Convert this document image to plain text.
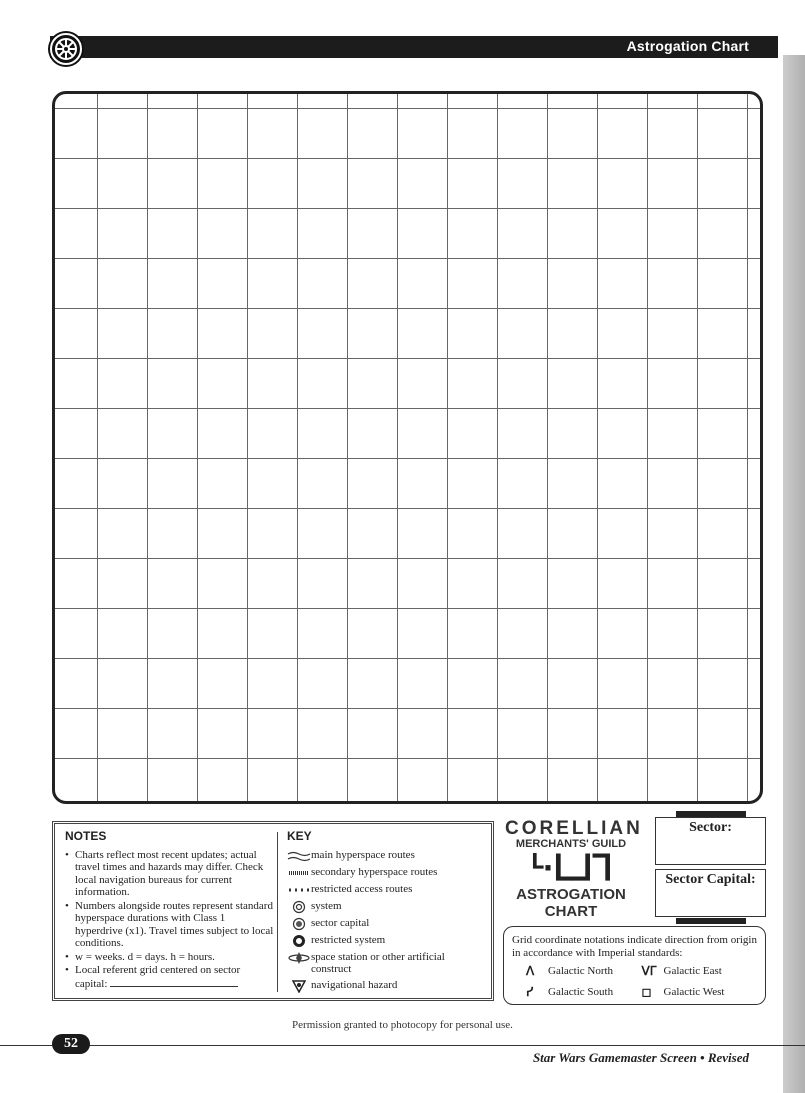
Astrogation Chart
NOTES
• Charts reflect most recent updates; actual travel times and hazards may differ. Check local navigation bureaus for current information.
• Numbers alongside routes represent standard hyperspace durations with Class 1 hyperdrive (x1). Travel times subject to local conditions.
• w = weeks. d = days. h = hours.
• Local referent grid centered on sector capital:
KEY
main hyperspace routes
secondary hyperspace routes
restricted access routes
system
sector capital
restricted system
space station or other artificial construct
navigational hazard
CORELLIAN
MERCHANTS' GUILD
ᒻ·ᒪᒧᒣ
ASTROGATION
CHART
Sector:
Sector Capital:
Grid coordinate notations indicate direction from origin in accordance with Imperial standards:
ᐱ	Galactic North ᐯᒥ Galactic East
ᓯ	Galactic South ◻	Galactic West
Permission granted to photocopy for personal use.
52
Star Wars Gamemaster Screen • Revised
